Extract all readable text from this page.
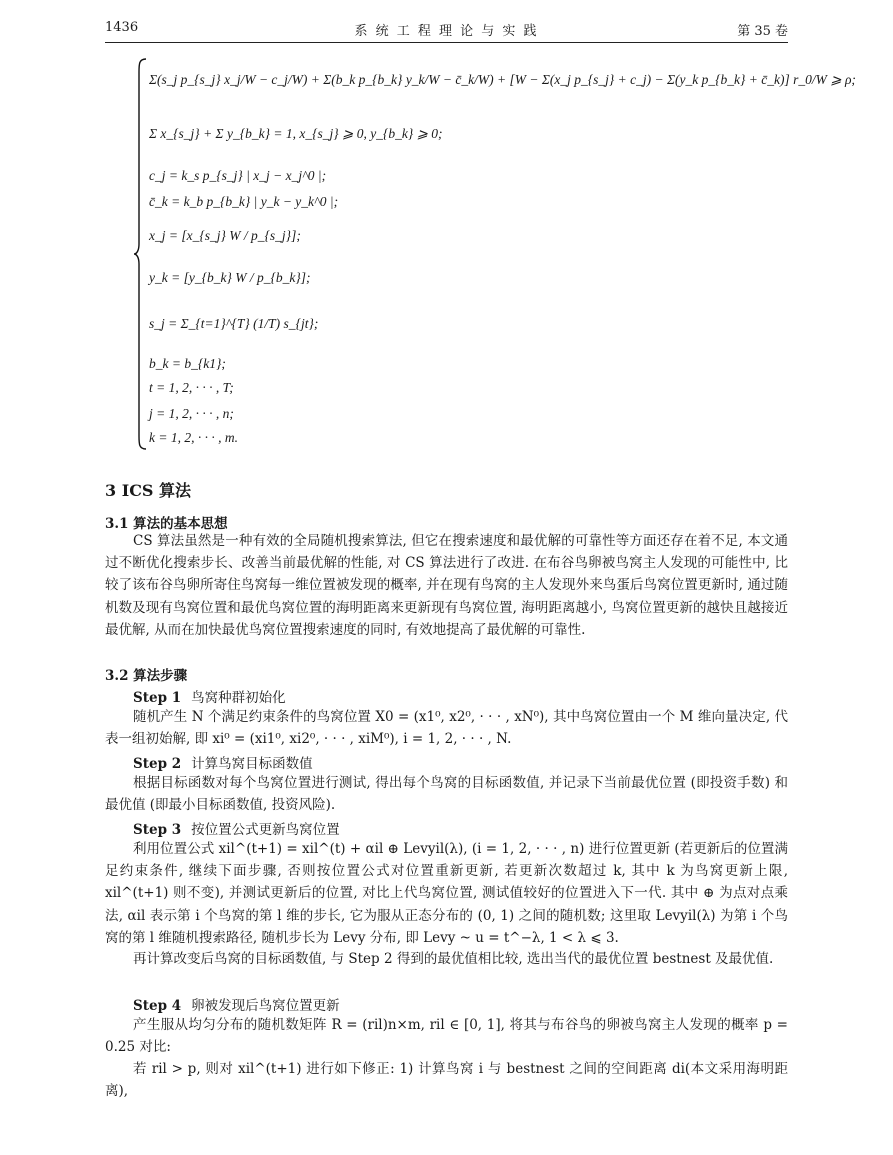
1436	系 统 工 程 理 论 与 实 践	第 35 卷
Σ(s_j p_{s_j} x_j/W − c_j/W) + Σ(b_k p_{b_k} y_k/W − c̄_k/W) + [W − Σ(x_j p_{s_j} + c_j) − Σ(y_k p_{b_k} + c̄_k)] r_0/W ⩾ ρ;
Σ x_{s_j} + Σ y_{b_k} = 1, x_{s_j} ⩾ 0, y_{b_k} ⩾ 0;
c_j = k_s p_{s_j} | x_j − x_j^0 |;
c̄_k = k_b p_{b_k} | y_k − y_k^0 |;
x_j = [x_{s_j} W / p_{s_j}];
y_k = [y_{b_k} W / p_{b_k}];
s_j = Σ_{t=1}^{T} (1/T) s_{jt};
b_k = b_{k1};
t = 1, 2, · · · , T;
j = 1, 2, · · · , n;
k = 1, 2, · · · , m.
3 ICS 算法
3.1 算法的基本思想
CS 算法虽然是一种有效的全局随机搜索算法, 但它在搜索速度和最优解的可靠性等方面还存在着不足, 本文通过不断优化搜索步长、改善当前最优解的性能, 对 CS 算法进行了改进. 在布谷鸟卵被鸟窝主人发现的可能性中, 比较了该布谷鸟卵所寄住鸟窝每一维位置被发现的概率, 并在现有鸟窝的主人发现外来鸟蛋后鸟窝位置更新时, 通过随机数及现有鸟窝位置和最优鸟窝位置的海明距离来更新现有鸟窝位置, 海明距离越小, 鸟窝位置更新的越快且越接近最优解, 从而在加快最优鸟窝位置搜索速度的同时, 有效地提高了最优解的可靠性.
3.2 算法步骤
Step 1 鸟窝种群初始化
随机产生 N 个满足约束条件的鸟窝位置 X0 = (x1⁰, x2⁰, · · · , xN⁰), 其中鸟窝位置由一个 M 维向量决定, 代表一组初始解, 即 xi⁰ = (xi1⁰, xi2⁰, · · · , xiM⁰), i = 1, 2, · · · , N.
Step 2 计算鸟窝目标函数值
根据目标函数对每个鸟窝位置进行测试, 得出每个鸟窝的目标函数值, 并记录下当前最优位置 (即投资手数) 和最优值 (即最小目标函数值, 投资风险).
Step 3 按位置公式更新鸟窝位置
利用位置公式 xil^(t+1) = xil^(t) + αil ⊕ Levyil(λ), (i = 1, 2, · · · , n) 进行位置更新 (若更新后的位置满足约束条件, 继续下面步骤, 否则按位置公式对位置重新更新, 若更新次数超过 k, 其中 k 为鸟窝更新上限, xil^(t+1) 则不变), 并测试更新后的位置, 对比上代鸟窝位置, 测试值较好的位置进入下一代. 其中 ⊕ 为点对点乘法, αil 表示第 i 个鸟窝的第 l 维的步长, 它为服从正态分布的 (0, 1) 之间的随机数; 这里取 Levyil(λ) 为第 i 个鸟窝的第 l 维随机搜索路径, 随机步长为 Levy 分布, 即 Levy ~ u = t^−λ, 1 < λ ⩽ 3.
再计算改变后鸟窝的目标函数值, 与 Step 2 得到的最优值相比较, 选出当代的最优位置 bestnest 及最优值.
Step 4 卵被发现后鸟窝位置更新
产生服从均匀分布的随机数矩阵 R = (ril)n×m, ril ∈ [0, 1], 将其与布谷鸟的卵被鸟窝主人发现的概率 p = 0.25 对比:
若 ril > p, 则对 xil^(t+1) 进行如下修正: 1) 计算鸟窝 i 与 bestnest 之间的空间距离 di(本文采用海明距离),
